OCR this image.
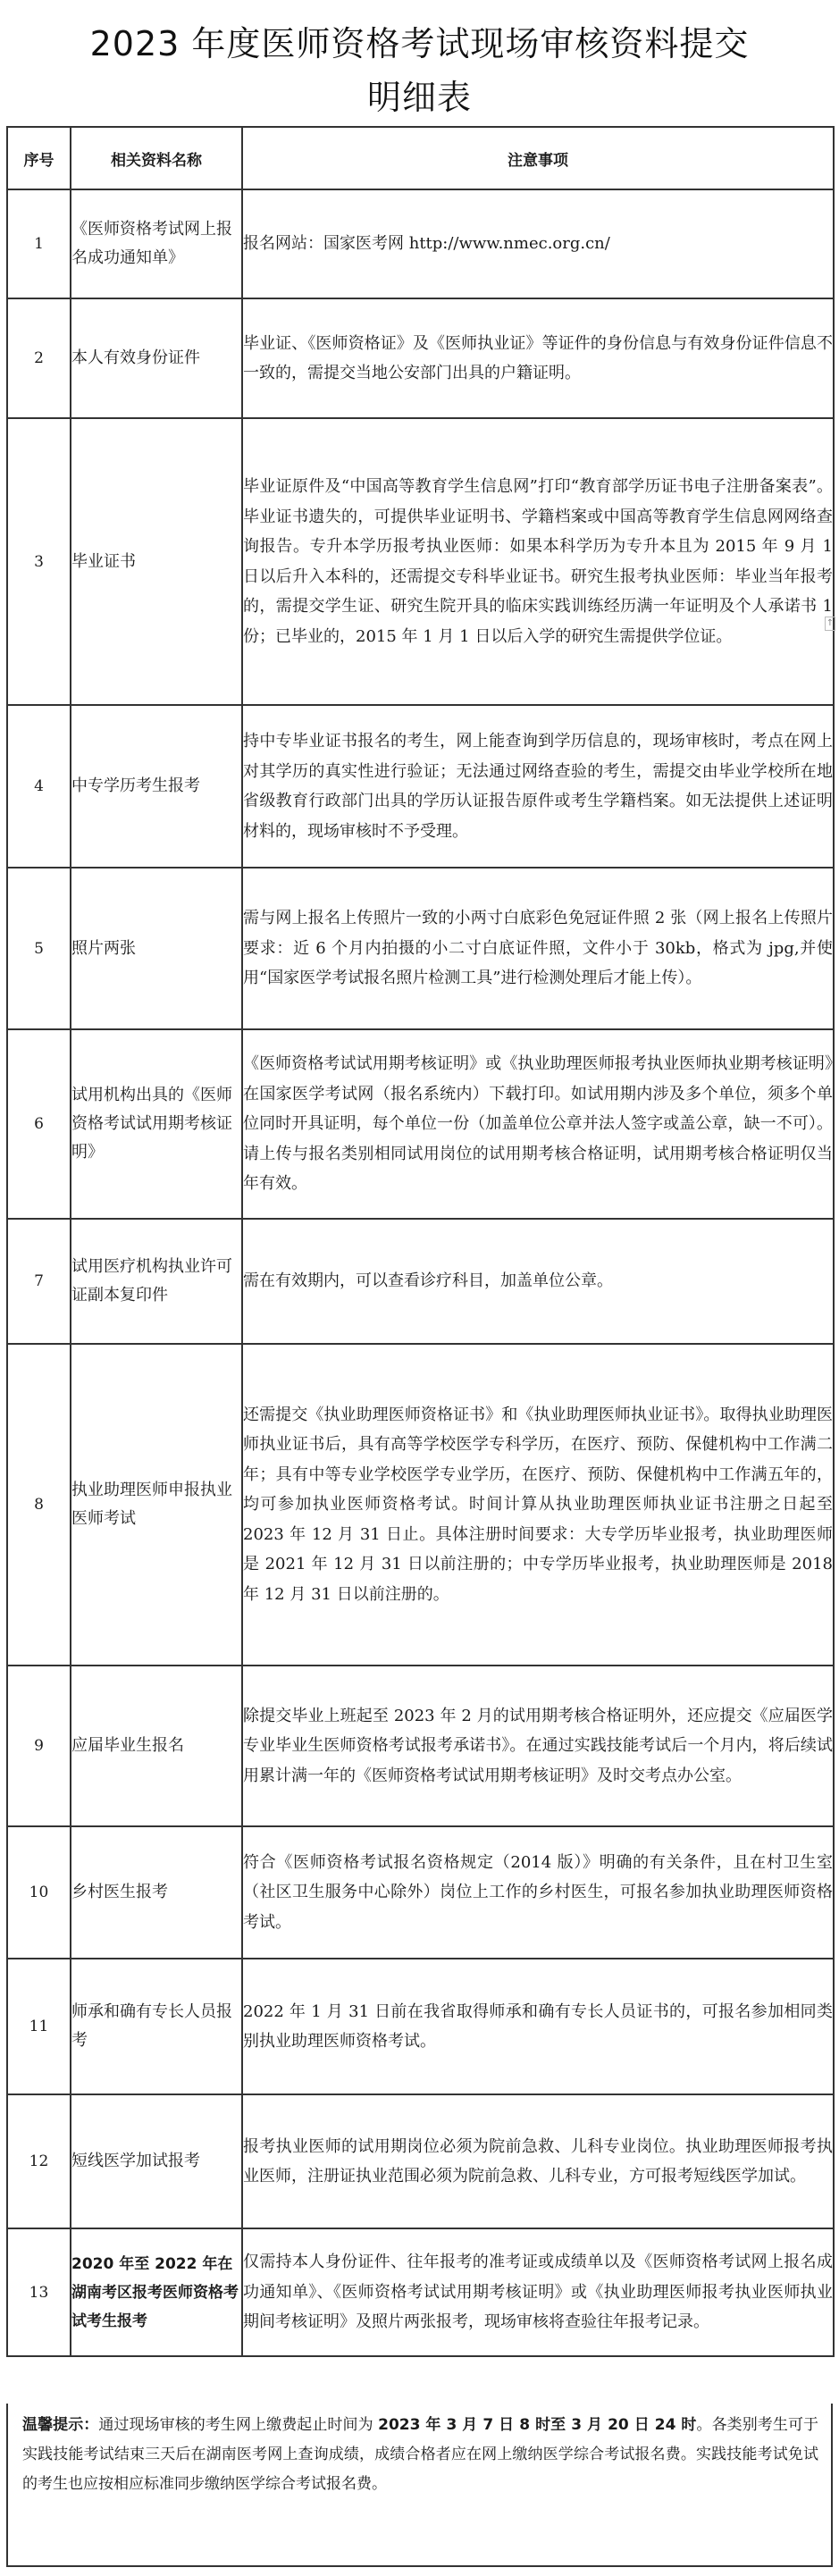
2023 年度医师资格考试现场审核资料提交
明细表
序号	相关资料名称	注意事项
1	《医师资格考试网上报名成功通知单》	报名网站：国家医考网 http://www.nmec.org.cn/
2	本人有效身份证件	毕业证、《医师资格证》及《医师执业证》等证件的身份信息与有效身份证件信息不一致的，需提交当地公安部门出具的户籍证明。
3	毕业证书	毕业证原件及“中国高等教育学生信息网”打印“教育部学历证书电子注册备案表”。毕业证书遗失的，可提供毕业证明书、学籍档案或中国高等教育学生信息网网络查询报告。专升本学历报考执业医师：如果本科学历为专升本且为 2015 年 9 月 1 日以后升入本科的，还需提交专科毕业证书。研究生报考执业医师：毕业当年报考的，需提交学生证、研究生院开具的临床实践训练经历满一年证明及个人承诺书 1 份；已毕业的，2015 年 1 月 1 日以后入学的研究生需提供学位证。
4	中专学历考生报考	持中专毕业证书报名的考生，网上能查询到学历信息的，现场审核时，考点在网上对其学历的真实性进行验证；无法通过网络查验的考生，需提交由毕业学校所在地省级教育行政部门出具的学历认证报告原件或考生学籍档案。如无法提供上述证明材料的，现场审核时不予受理。
5	照片两张	需与网上报名上传照片一致的小两寸白底彩色免冠证件照 2 张（网上报名上传照片要求：近 6 个月内拍摄的小二寸白底证件照，文件小于 30kb，格式为 jpg,并使用“国家医学考试报名照片检测工具”进行检测处理后才能上传）。
6	试用机构出具的《医师资格考试试用期考核证明》	《医师资格考试试用期考核证明》或《执业助理医师报考执业医师执业期考核证明》在国家医学考试网（报名系统内）下载打印。如试用期内涉及多个单位，须多个单位同时开具证明，每个单位一份（加盖单位公章并法人签字或盖公章，缺一不可）。请上传与报名类别相同试用岗位的试用期考核合格证明，试用期考核合格证明仅当年有效。
7	试用医疗机构执业许可证副本复印件	需在有效期内，可以查看诊疗科目，加盖单位公章。
8	执业助理医师申报执业医师考试	还需提交《执业助理医师资格证书》和《执业助理医师执业证书》。取得执业助理医师执业证书后，具有高等学校医学专科学历，在医疗、预防、保健机构中工作满二年；具有中等专业学校医学专业学历，在医疗、预防、保健机构中工作满五年的，均可参加执业医师资格考试。时间计算从执业助理医师执业证书注册之日起至 2023 年 12 月 31 日止。具体注册时间要求：大专学历毕业报考，执业助理医师是 2021 年 12 月 31 日以前注册的；中专学历毕业报考，执业助理医师是 2018 年 12 月 31 日以前注册的。
9	应届毕业生报名	除提交毕业上班起至 2023 年 2 月的试用期考核合格证明外，还应提交《应届医学专业毕业生医师资格考试报考承诺书》。在通过实践技能考试后一个月内，将后续试用累计满一年的《医师资格考试试用期考核证明》及时交考点办公室。
10	乡村医生报考	符合《医师资格考试报名资格规定（2014 版）》明确的有关条件，且在村卫生室（社区卫生服务中心除外）岗位上工作的乡村医生，可报名参加执业助理医师资格考试。
11	师承和确有专长人员报考	2022 年 1 月 31 日前在我省取得师承和确有专长人员证书的，可报名参加相同类别执业助理医师资格考试。
12	短线医学加试报考	报考执业医师的试用期岗位必须为院前急救、儿科专业岗位。执业助理医师报考执业医师，注册证执业范围必须为院前急救、儿科专业，方可报考短线医学加试。
13	2020 年至 2022 年在湖南考区报考医师资格考试考生报考	仅需持本人身份证件、往年报考的准考证或成绩单以及《医师资格考试网上报名成功通知单》、《医师资格考试试用期考核证明》或《执业助理医师报考执业医师执业期间考核证明》及照片两张报考，现场审核将查验往年报考记录。
温馨提示：通过现场审核的考生网上缴费起止时间为 2023 年 3 月 7 日 8 时至 3 月 20 日 24 时。各类别考生可于实践技能考试结束三天后在湖南医考网上查询成绩，成绩合格者应在网上缴纳医学综合考试报名费。实践技能考试免试的考生也应按相应标准同步缴纳医学综合考试报名费。
↑
